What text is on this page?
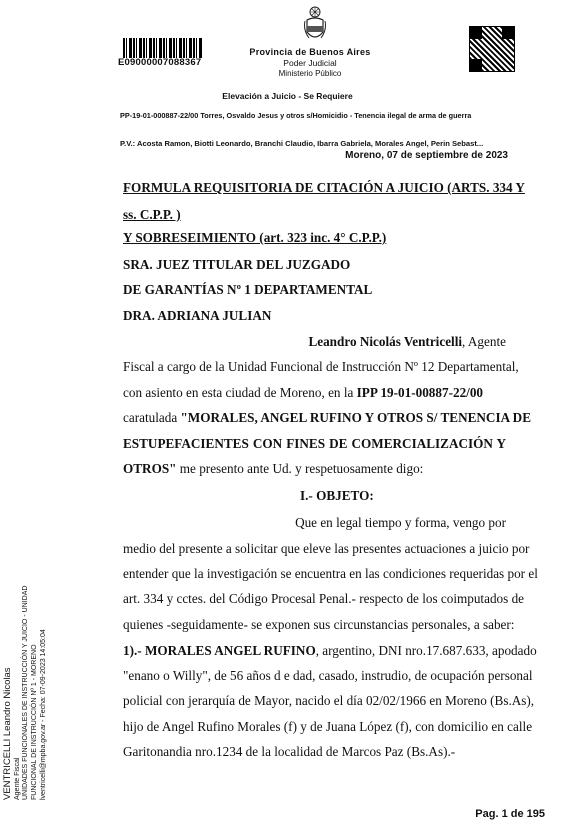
E09000007088367
Provincia de Buenos Aires
Poder Judicial
Ministerio Público
Elevación a Juicio - Se Requiere
PP-19-01-000887-22/00 Torres, Osvaldo Jesus y otros s/Homicidio - Tenencia ilegal de arma de guerra
P.V.: Acosta Ramon, Biotti Leonardo, Branchi Claudio, Ibarra Gabriela, Morales Angel, Perin Sebast...
Moreno, 07 de septiembre de 2023
FORMULA REQUISITORIA DE CITACIÓN A JUICIO (ARTS. 334 Y
ss. C.P.P. )
Y SOBRESEIMIENTO (art. 323 inc. 4° C.P.P.)
SRA. JUEZ TITULAR DEL JUZGADO
DE GARANTÍAS Nº 1 DEPARTAMENTAL
DRA. ADRIANA JULIAN
Leandro Nicolás Ventricelli, Agente
Fiscal a cargo de la Unidad Funcional de Instrucción Nº 12 Departamental,
con asiento en esta ciudad de Moreno, en la IPP 19-01-00887-22/00
caratulada "MORALES, ANGEL RUFINO Y OTROS S/ TENENCIA DE
ESTUPEFACIENTES CON FINES DE COMERCIALIZACIÓN Y
OTROS" me presento ante Ud. y respetuosamente digo:
I.- OBJETO:
Que en legal tiempo y forma, vengo por
medio del presente a solicitar que eleve las presentes actuaciones a juicio por
entender que la investigación se encuentra en las condiciones requeridas por el
art. 334 y cctes. del Código Procesal Penal.- respecto de los coimputados de
quienes -seguidamente- se exponen sus circunstancias personales, a saber:
1).- MORALES ANGEL RUFINO, argentino, DNI nro.17.687.633, apodado
"enano o Willy", de 56 años d e dad, casado, instrudio, de ocupación personal
policial con jerarquía de Mayor, nacido el día 02/02/1966 en Moreno (Bs.As),
hijo de Angel Rufino Morales (f) y de Juana López (f), con domicilio en calle
Garitonandia nro.1234 de la localidad de Marcos Paz (Bs.As).-
VENTRICELLI Leandro Nicolas Agente Fiscal UNIDADES FUNCIONALES DE INSTRUCCIÓN Y JUICIO - UNIDAD FUNCIONAL DE INSTRUCCIÓN Nº 1 - MORENO lventricelli@mpba.gov.ar - Fecha: 07-09-2023 14:05:04
Pag. 1 de 195
